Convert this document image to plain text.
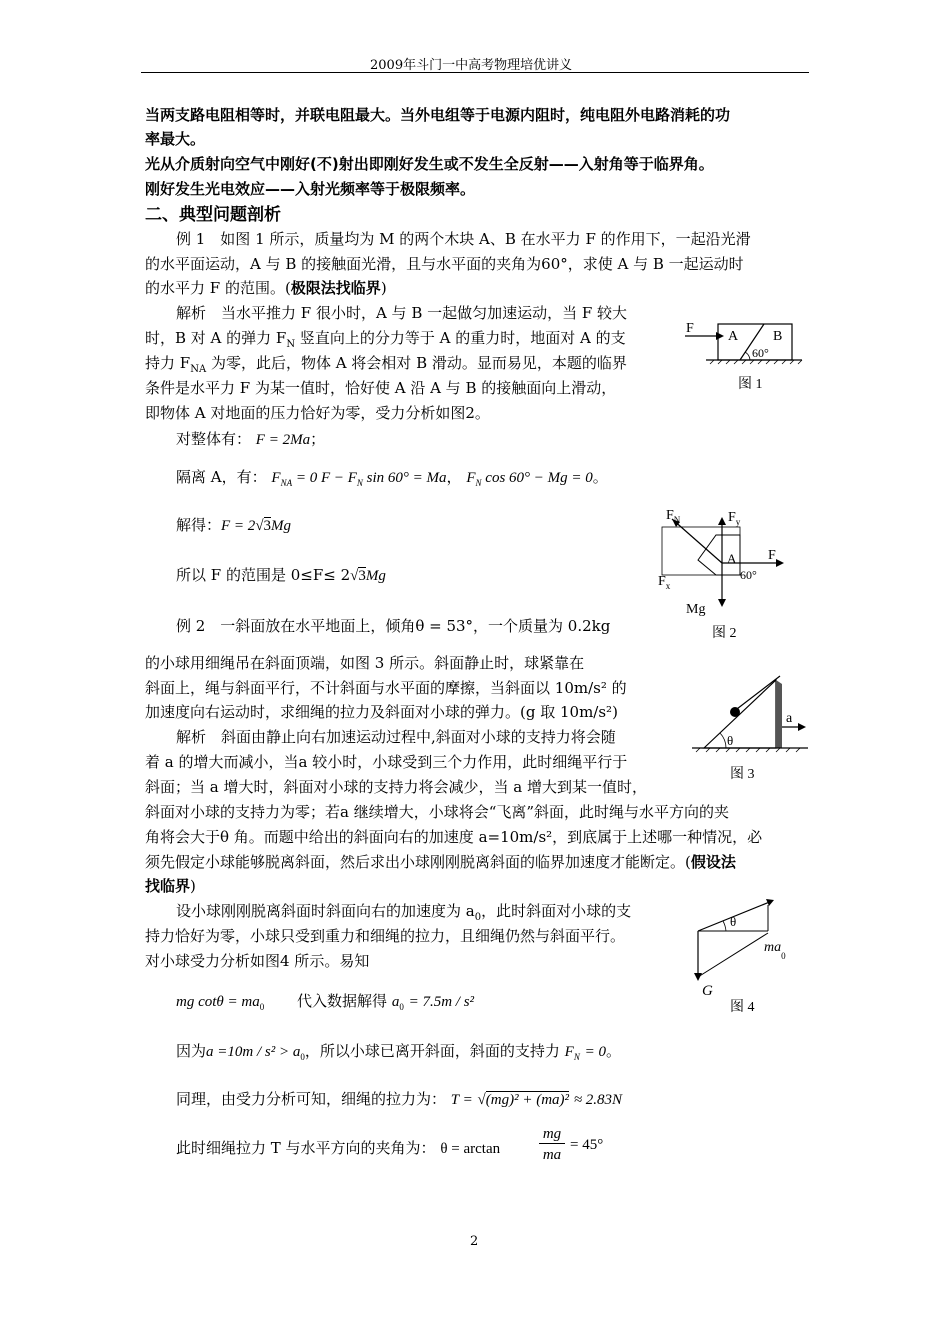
2009年斗门一中高考物理培优讲义
当两支路电阻相等时，并联电阻最大。当外电组等于电源内阻时，纯电阻外电路消耗的功
率最大。
光从介质射向空气中刚好(不)射出即刚好发生或不发生全反射——入射角等于临界角。
刚好发生光电效应——入射光频率等于极限频率。
二、典型问题剖析
例 1　如图 1 所示，质量均为 M 的两个木块 A、B 在水平力 F 的作用下，一起沿光滑
的水平面运动，A 与 B 的接触面光滑，且与水平面的夹角为60°，求使 A 与 B 一起运动时
的水平力 F 的范围。(极限法找临界)
解析　当水平推力 F 很小时，A 与 B 一起做匀加速运动，当 F 较大
时，B 对 A 的弹力 $F_N$ 竖直向上的分力等于 A 的重力时，地面对 A 的支
持力 $F_{NA}$ 为零，此后，物体 A 将会相对 B 滑动。显而易见，本题的临界
条件是水平力 F 为某一值时，恰好使 A 沿 A 与 B 的接触面向上滑动，
即物体 A 对地面的压力恰好为零，受力分析如图2。
对整体有： F = 2Ma；
隔离 A，有： $F_{NA} = 0$ $F - F_N$ sin 60° = Ma， $F_N$ cos 60° − Mg = 0。
解得：F = 2√3Mg
所以 F 的范围是 0≤F≤ 2√3Mg
F
A B
60°
图 1
$F_N$	$F_y$
$F_x$
F
A
60°
Mg
图 2
例 2　一斜面放在水平地面上，倾角θ = 53°，一个质量为 0.2kg
的小球用细绳吊在斜面顶端，如图 3 所示。斜面静止时，球紧靠在
斜面上，绳与斜面平行，不计斜面与水平面的摩擦，当斜面以 10m/s² 的
加速度向右运动时，求细绳的拉力及斜面对小球的弹力。(g 取 10m/s²)
解析　斜面由静止向右加速运动过程中,斜面对小球的支持力将会随
着 a 的增大而减小，当a 较小时，小球受到三个力作用，此时细绳平行于
斜面；当 a 增大时，斜面对小球的支持力将会减少，当 a 增大到某一值时，
斜面对小球的支持力为零；若a 继续增大，小球将会“飞离”斜面，此时绳与水平方向的夹
角将会大于θ 角。而题中给出的斜面向右的加速度 a=10m/s²，到底属于上述哪一种情况，必
须先假定小球能够脱离斜面，然后求出小球刚刚脱离斜面的临界加速度才能断定。(假设法
找临界)
设小球刚刚脱离斜面时斜面向右的加速度为 $a_0$，此时斜面对小球的支
持力恰好为零，小球只受到重力和细绳的拉力，且细绳仍然与斜面平行。
对小球受力分析如图4 所示。易知
mg $\cot\theta = ma_0$ 代入数据解得 $a_0 = 7.5m / s^2$
因为$a =10m / s^2 > a_0$，所以小球已离开斜面，斜面的支持力 $F_N = 0$。
同理，由受力分析可知，细绳的拉力为： T = √(mg)² + (ma)² ≈ 2.83N
此时细绳拉力 T 与水平方向的夹角为： θ = arctan
mg
ma
= 45°
a
θ
图 3
θ
$ma_0$
G
图 4
2
